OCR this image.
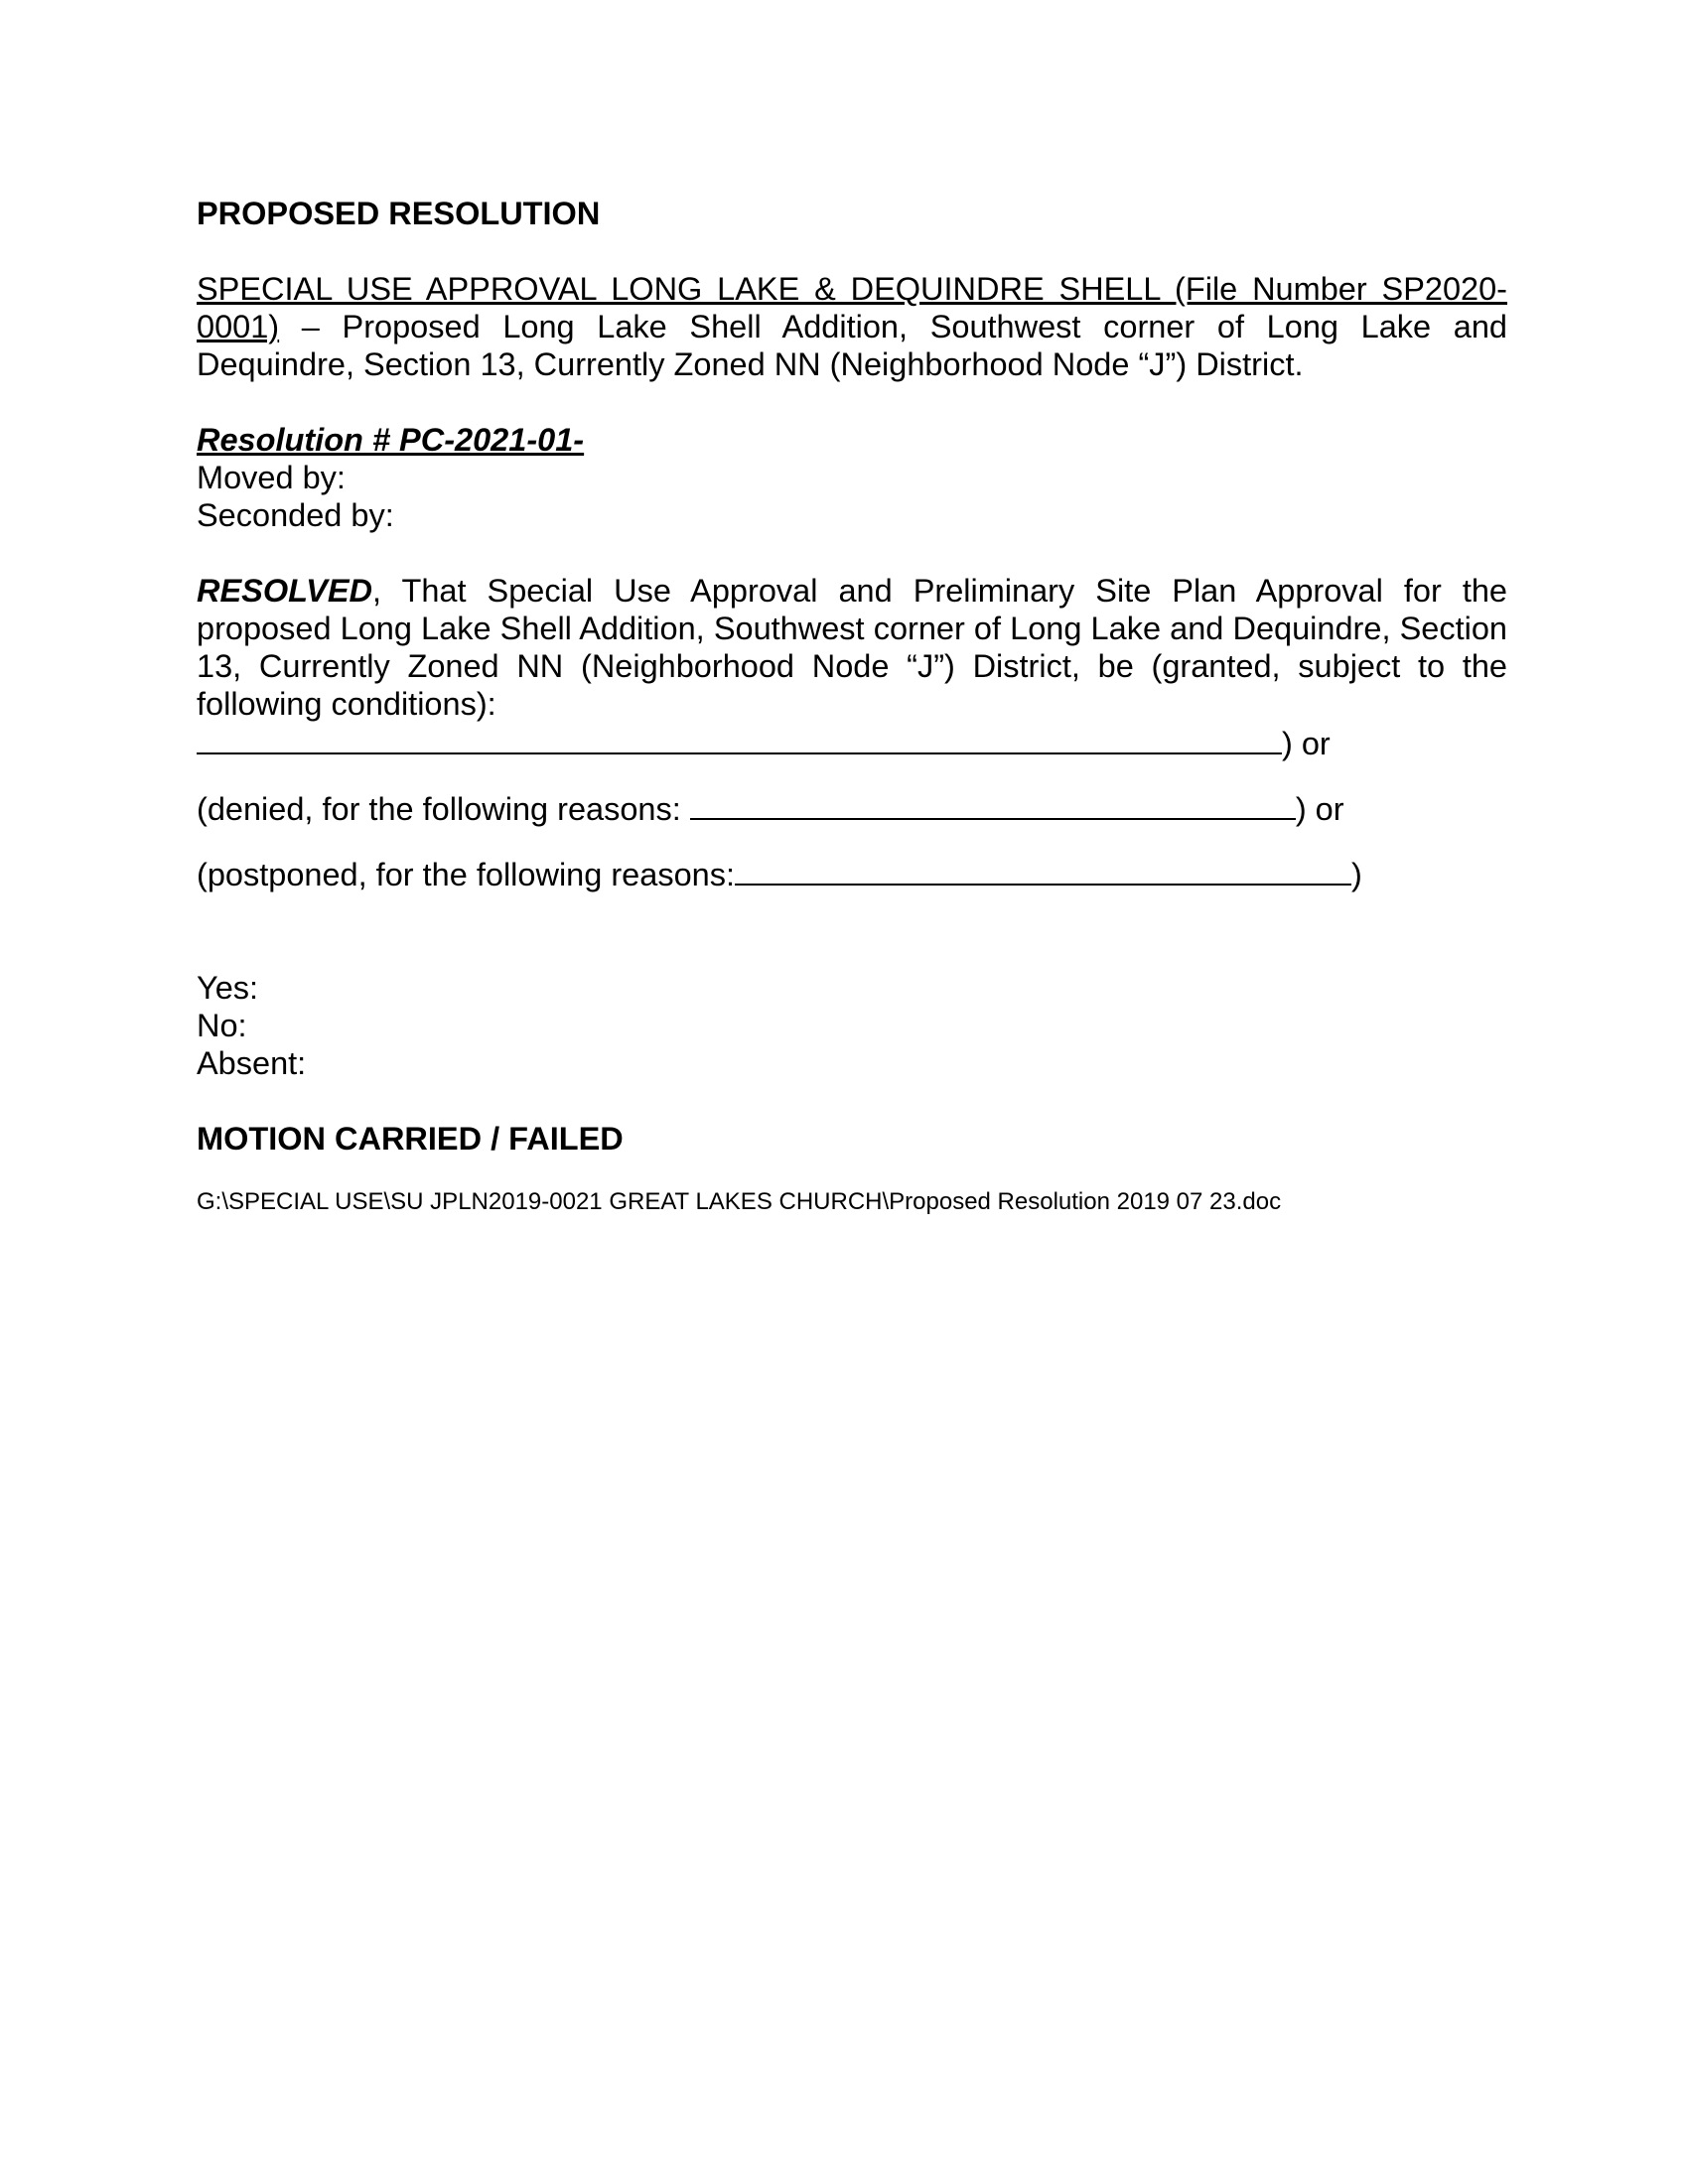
PROPOSED RESOLUTION

SPECIAL USE APPROVAL LONG LAKE & DEQUINDRE SHELL (File Number SP2020-0001) – Proposed Long Lake Shell Addition, Southwest corner of Long Lake and Dequindre, Section 13, Currently Zoned NN (Neighborhood Node “J”) District.

Resolution # PC-2021-01-

Moved by:

Seconded by:

RESOLVED, That Special Use Approval and Preliminary Site Plan Approval for the proposed Long Lake Shell Addition, Southwest corner of Long Lake and Dequindre, Section 13, Currently Zoned NN (Neighborhood Node “J”) District, be (granted, subject to the following conditions):

) or

(denied, for the following reasons:	) or

(postponed, for the following reasons:	)

Yes:

No:

Absent:

MOTION CARRIED / FAILED

G:\SPECIAL USE\SU JPLN2019-0021 GREAT LAKES CHURCH\Proposed Resolution 2019 07 23.doc
